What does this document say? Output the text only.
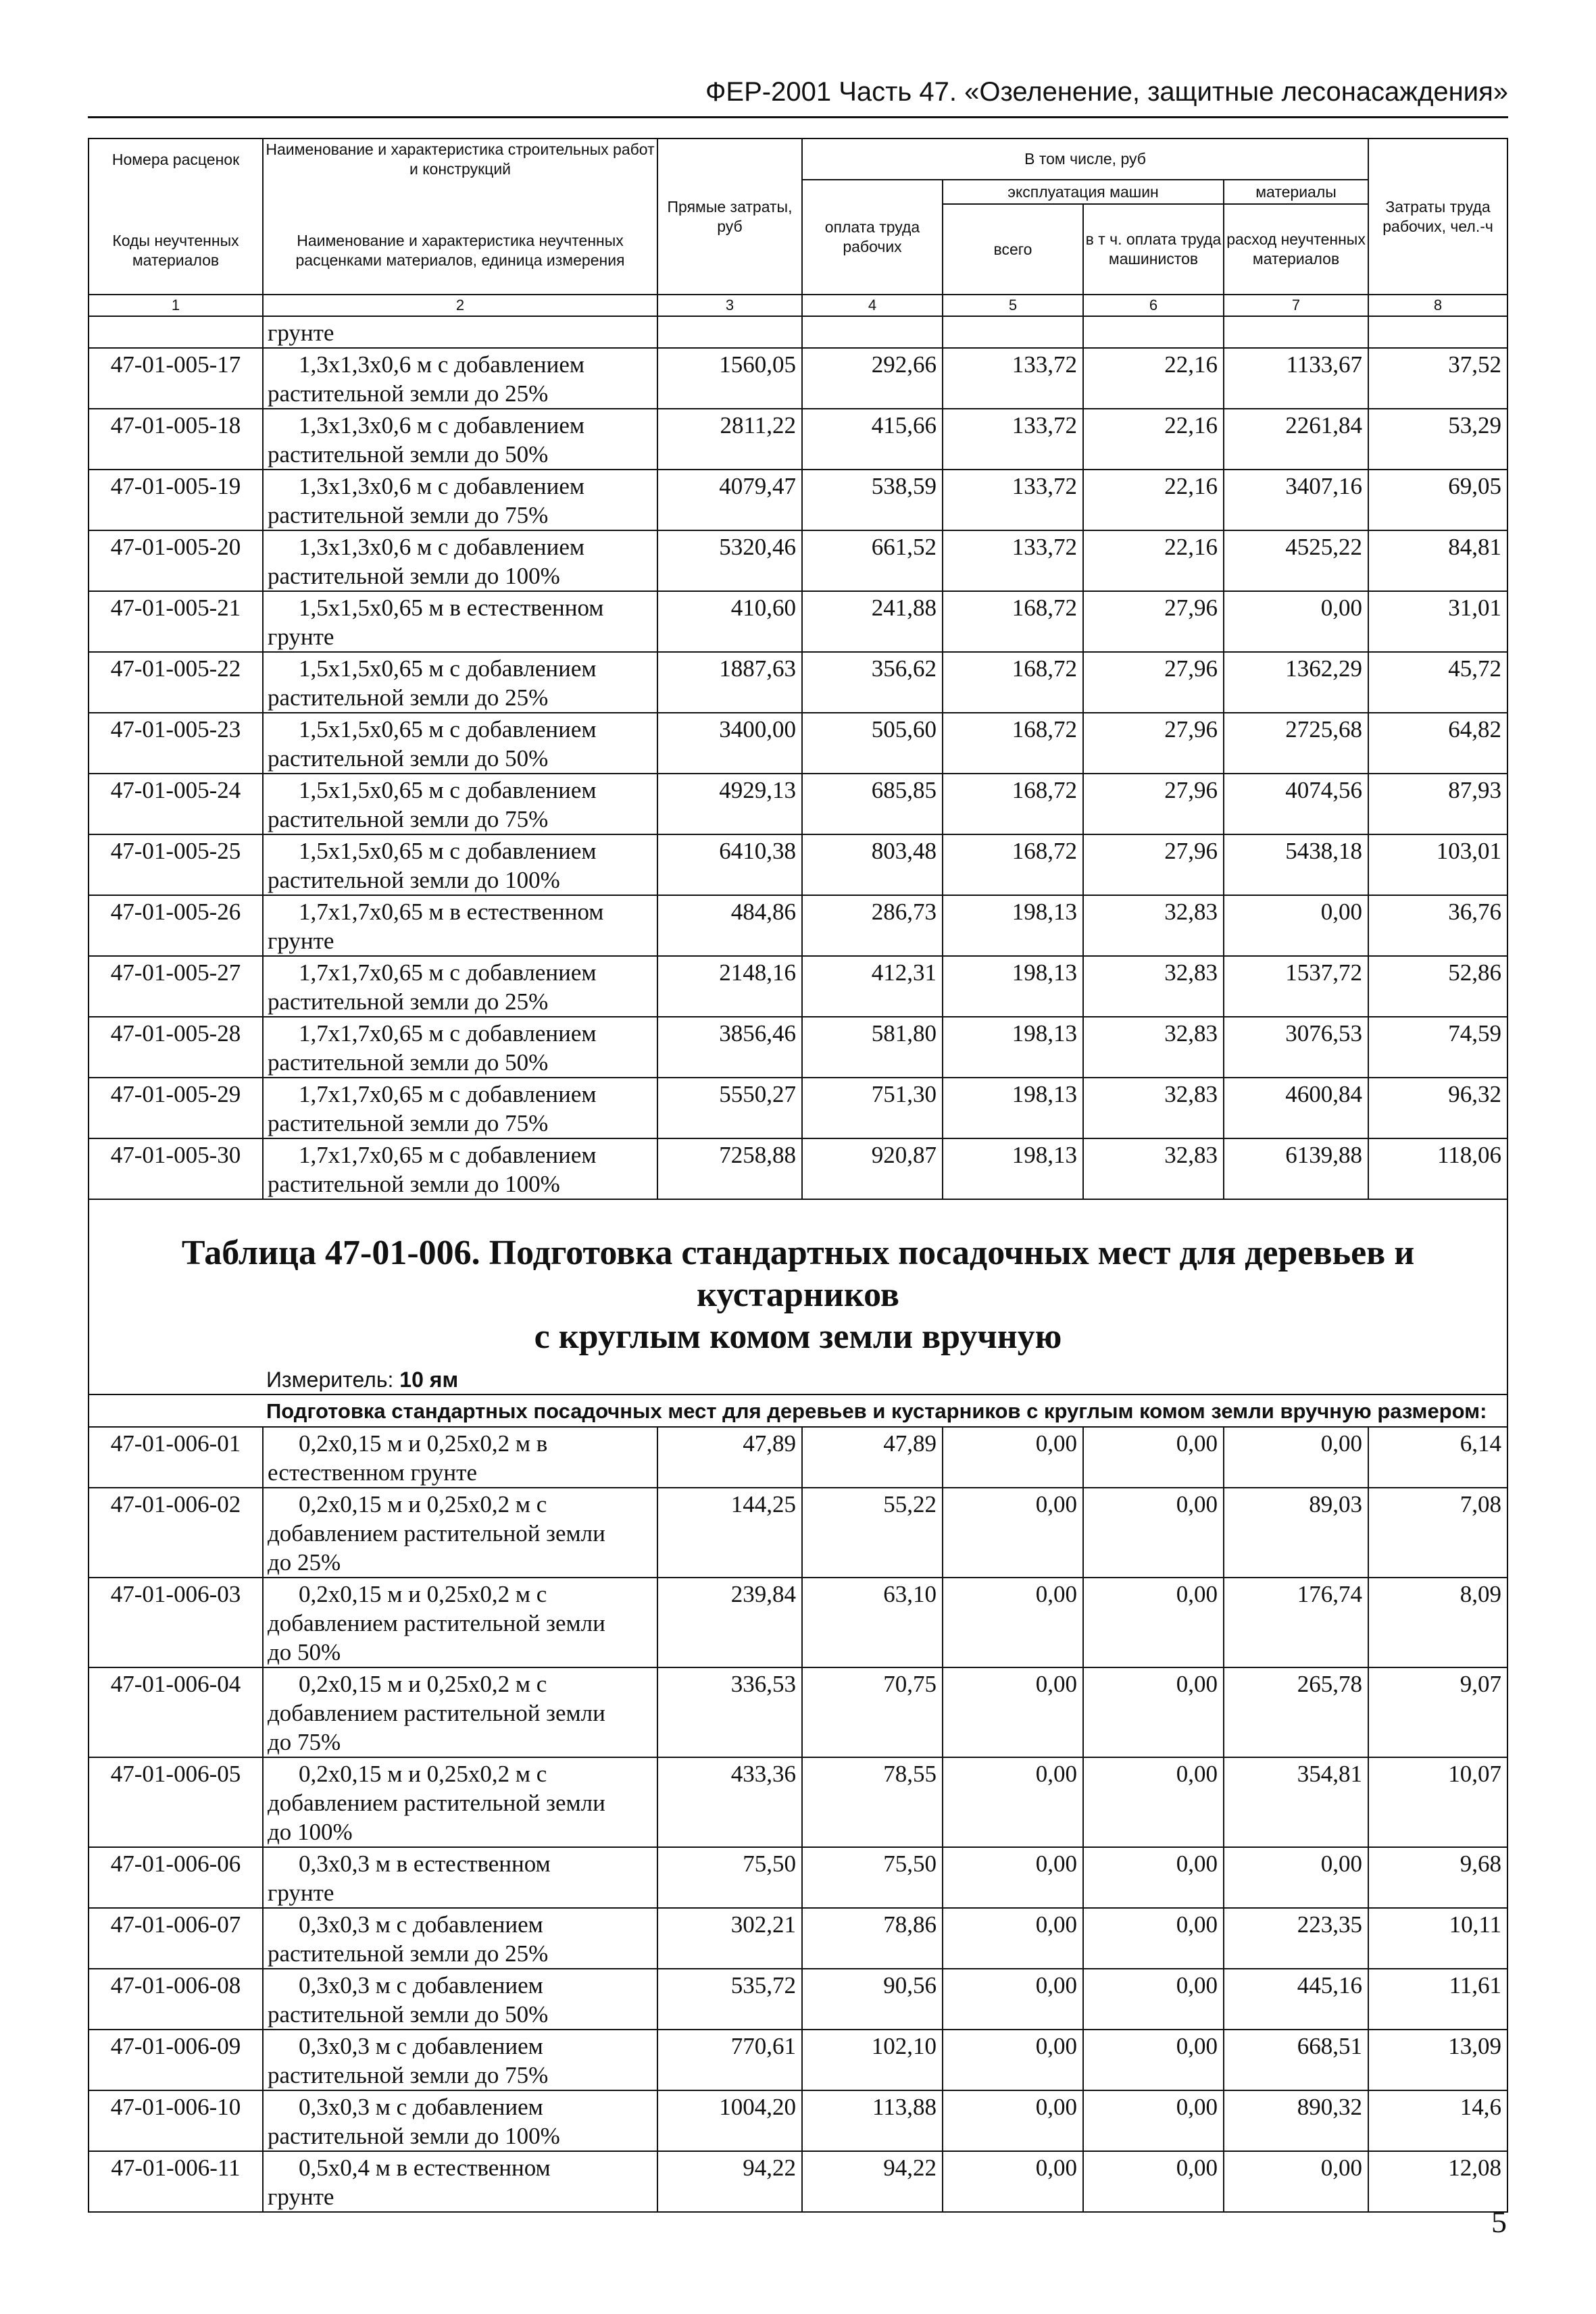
ФЕР-2001 Часть 47. «Озеленение, защитные лесонасаждения»
Номера расценок	Наименование и характеристика строительных работ и конструкций	Прямые затраты, руб	В том числе, руб				Затраты труда рабочих, чел.-ч
Коды неучтенных материалов	Наименование и характеристика неучтенных расценками материалов, единица измерения		оплата труда рабочих	эксплуатация машин		материалы	
				всего	в т ч. оплата труда машинистов	расход неучтенных материалов	
1	2	3	4	5	6	7	8
	грунте						
47-01-005-17	1,3x1,3x0,6 м с добавлением
растительной земли до 25%	1560,05	292,66	133,72	22,16	1133,67	37,52
47-01-005-18	1,3x1,3x0,6 м с добавлением
растительной земли до 50%	2811,22	415,66	133,72	22,16	2261,84	53,29
47-01-005-19	1,3x1,3x0,6 м с добавлением
растительной земли до 75%	4079,47	538,59	133,72	22,16	3407,16	69,05
47-01-005-20	1,3x1,3x0,6 м с добавлением
растительной земли до 100%	5320,46	661,52	133,72	22,16	4525,22	84,81
47-01-005-21	1,5x1,5x0,65 м в естественном
грунте	410,60	241,88	168,72	27,96	0,00	31,01
47-01-005-22	1,5x1,5x0,65 м с добавлением
растительной земли до 25%	1887,63	356,62	168,72	27,96	1362,29	45,72
47-01-005-23	1,5x1,5x0,65 м с добавлением
растительной земли до 50%	3400,00	505,60	168,72	27,96	2725,68	64,82
47-01-005-24	1,5x1,5x0,65 м с добавлением
растительной земли до 75%	4929,13	685,85	168,72	27,96	4074,56	87,93
47-01-005-25	1,5x1,5x0,65 м с добавлением
растительной земли до 100%	6410,38	803,48	168,72	27,96	5438,18	103,01
47-01-005-26	1,7x1,7x0,65 м в естественном
грунте	484,86	286,73	198,13	32,83	0,00	36,76
47-01-005-27	1,7x1,7x0,65 м с добавлением
растительной земли до 25%	2148,16	412,31	198,13	32,83	1537,72	52,86
47-01-005-28	1,7x1,7x0,65 м с добавлением
растительной земли до 50%	3856,46	581,80	198,13	32,83	3076,53	74,59
47-01-005-29	1,7x1,7x0,65 м с добавлением
растительной земли до 75%	5550,27	751,30	198,13	32,83	4600,84	96,32
47-01-005-30	1,7x1,7x0,65 м с добавлением
растительной земли до 100%	7258,88	920,87	198,13	32,83	6139,88	118,06

Таблица 47-01-006. Подготовка стандартных посадочных мест для деревьев и кустарников
с круглым комом земли вручную
Измеритель: 10 ям							

Подготовка стандартных посадочных мест для деревьев и кустарников с круглым комом земли вручную размером:							
47-01-006-01	0,2x0,15 м и 0,25x0,2 м в
естественном грунте	47,89	47,89	0,00	0,00	0,00	6,14
47-01-006-02	0,2x0,15 м и 0,25x0,2 м с
добавлением растительной земли
до 25%	144,25	55,22	0,00	0,00	89,03	7,08
47-01-006-03	0,2x0,15 м и 0,25x0,2 м с
добавлением растительной земли
до 50%	239,84	63,10	0,00	0,00	176,74	8,09
47-01-006-04	0,2x0,15 м и 0,25x0,2 м с
добавлением растительной земли
до 75%	336,53	70,75	0,00	0,00	265,78	9,07
47-01-006-05	0,2x0,15 м и 0,25x0,2 м с
добавлением растительной земли
до 100%	433,36	78,55	0,00	0,00	354,81	10,07
47-01-006-06	0,3x0,3 м в естественном
грунте	75,50	75,50	0,00	0,00	0,00	9,68
47-01-006-07	0,3x0,3 м с добавлением
растительной земли до 25%	302,21	78,86	0,00	0,00	223,35	10,11
47-01-006-08	0,3x0,3 м с добавлением
растительной земли до 50%	535,72	90,56	0,00	0,00	445,16	11,61
47-01-006-09	0,3x0,3 м с добавлением
растительной земли до 75%	770,61	102,10	0,00	0,00	668,51	13,09
47-01-006-10	0,3x0,3 м с добавлением
растительной земли до 100%	1004,20	113,88	0,00	0,00	890,32	14,6
47-01-006-11	0,5x0,4 м в естественном
грунте	94,22	94,22	0,00	0,00	0,00	12,08
5
